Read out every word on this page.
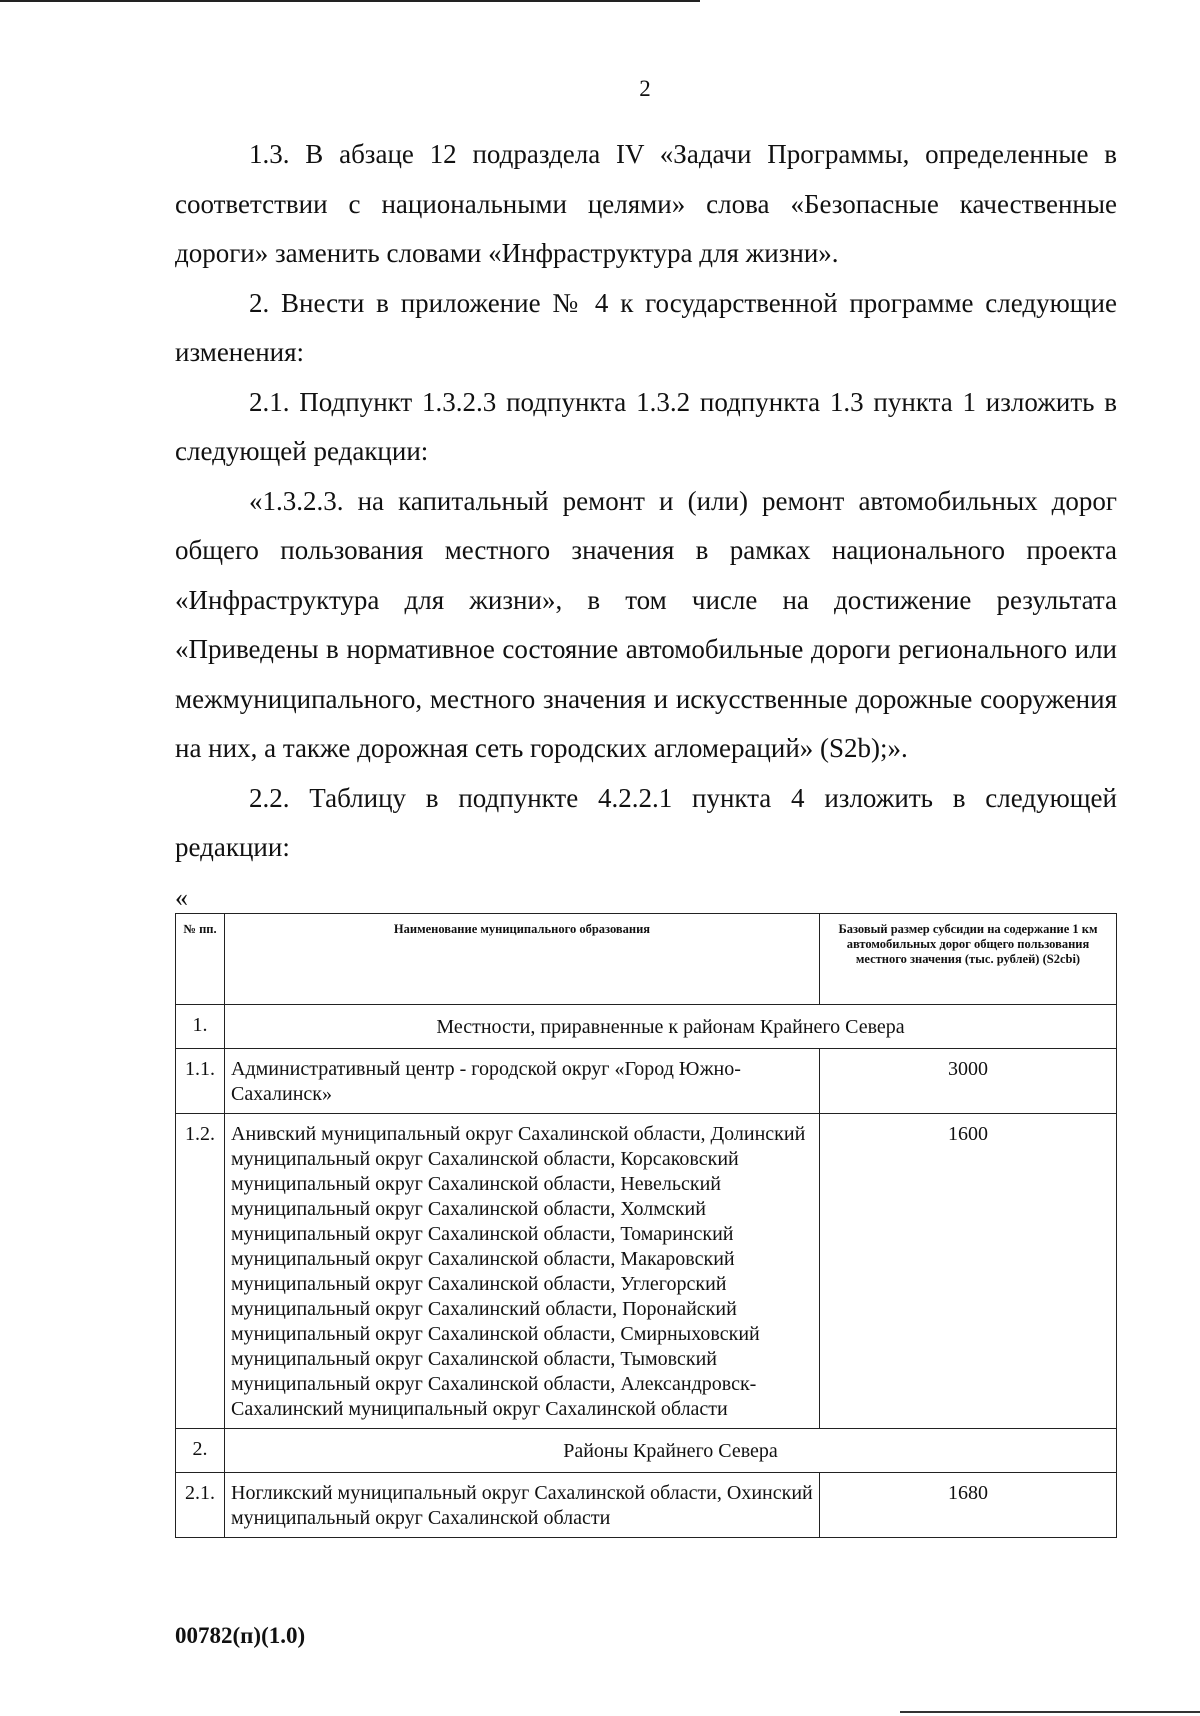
2

1.3. В абзаце 12 подраздела IV «Задачи Программы, определенные в соответствии с национальными целями» слова «Безопасные качественные дороги» заменить словами «Инфраструктура для жизни».

2. Внести в приложение № 4 к государственной программе следующие изменения:

2.1. Подпункт 1.3.2.3 подпункта 1.3.2 подпункта 1.3 пункта 1 изложить в следующей редакции:

«1.3.2.3. на капитальный ремонт и (или) ремонт автомобильных дорог общего пользования местного значения в рамках национального проекта «Инфраструктура для жизни», в том числе на достижение результата «Приведены в нормативное состояние автомобильные дороги регионального или межмуниципального, местного значения и искусственные дорожные сооружения на них, а также дорожная сеть городских агломераций» (S2b);».

2.2. Таблицу в подпункте 4.2.2.1 пункта 4 изложить в следующей редакции:

«
№ пп.	Наименование муниципального образования	Базовый размер субсидии на содержание 1 км автомобильных дорог общего пользования местного значения (тыс. рублей) (S2cbi)
1.	Местности, приравненные к районам Крайнего Севера	
1.1.	Административный центр - городской округ «Город Южно-Сахалинск»	3000
1.2.	Анивский муниципальный округ Сахалинской области, Долинский муниципальный округ Сахалинской области, Корсаковский муниципальный округ Сахалинской области, Невельский муниципальный округ Сахалинской области, Холмский муниципальный округ Сахалинской области, Томаринский муниципальный округ Сахалинской области, Макаровский муниципальный округ Сахалинской области, Углегорский муниципальный округ Сахалинский области, Поронайский муниципальный округ Сахалинской области, Смирныховский муниципальный округ Сахалинской области, Тымовский муниципальный округ Сахалинской области, Александровск-Сахалинский муниципальный округ Сахалинской области	1600
2.	Районы Крайнего Севера	
2.1.	Ногликский муниципальный округ Сахалинской области, Охинский муниципальный округ Сахалинской области	1680
00782(п)(1.0)
